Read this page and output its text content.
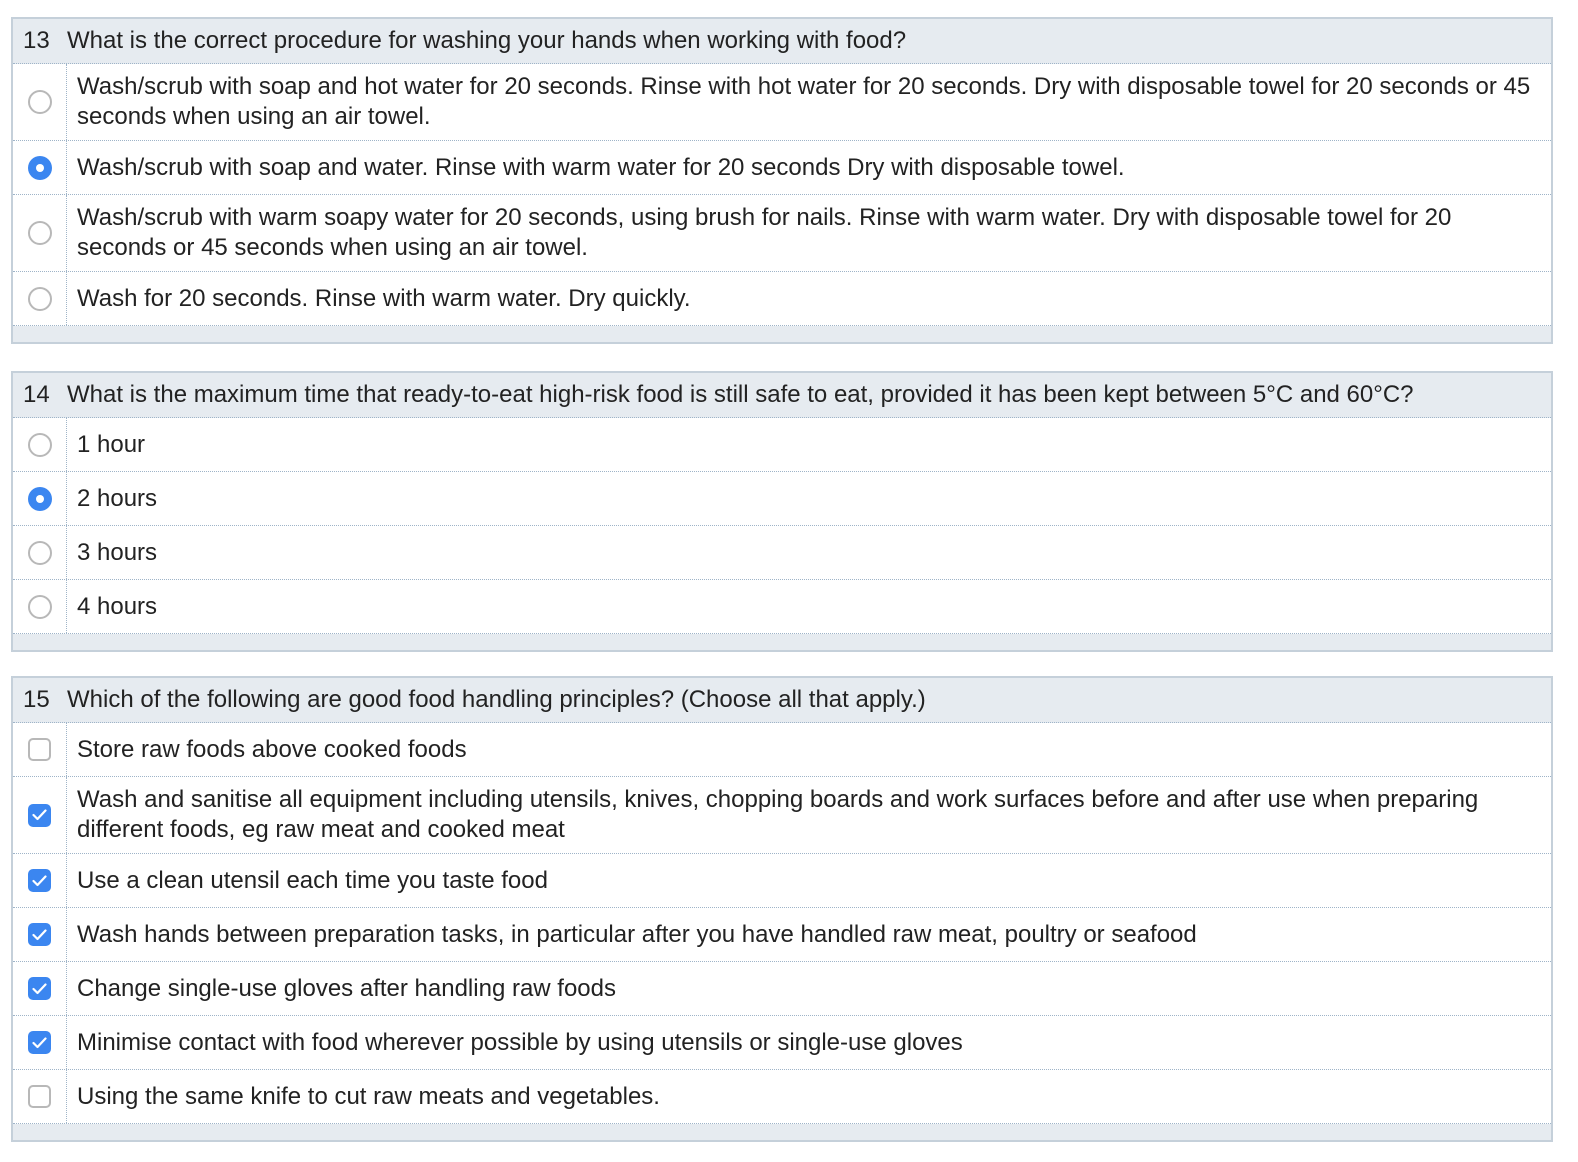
13 What is the correct procedure for washing your hands when working with food?
Wash/scrub with soap and hot water for 20 seconds. Rinse with hot water for 20 seconds. Dry with disposable towel for 20 seconds or 45 seconds when using an air towel.
Wash/scrub with soap and water. Rinse with warm water for 20 seconds Dry with disposable towel.
Wash/scrub with warm soapy water for 20 seconds, using brush for nails. Rinse with warm water. Dry with disposable towel for 20 seconds or 45 seconds when using an air towel.
Wash for 20 seconds. Rinse with warm water. Dry quickly.
14 What is the maximum time that ready-to-eat high-risk food is still safe to eat, provided it has been kept between 5°C and 60°C?
1 hour
2 hours
3 hours
4 hours
15 Which of the following are good food handling principles? (Choose all that apply.)
Store raw foods above cooked foods
Wash and sanitise all equipment including utensils, knives, chopping boards and work surfaces before and after use when preparing different foods, eg raw meat and cooked meat
Use a clean utensil each time you taste food
Wash hands between preparation tasks, in particular after you have handled raw meat, poultry or seafood
Change single-use gloves after handling raw foods
Minimise contact with food wherever possible by using utensils or single-use gloves
Using the same knife to cut raw meats and vegetables.
